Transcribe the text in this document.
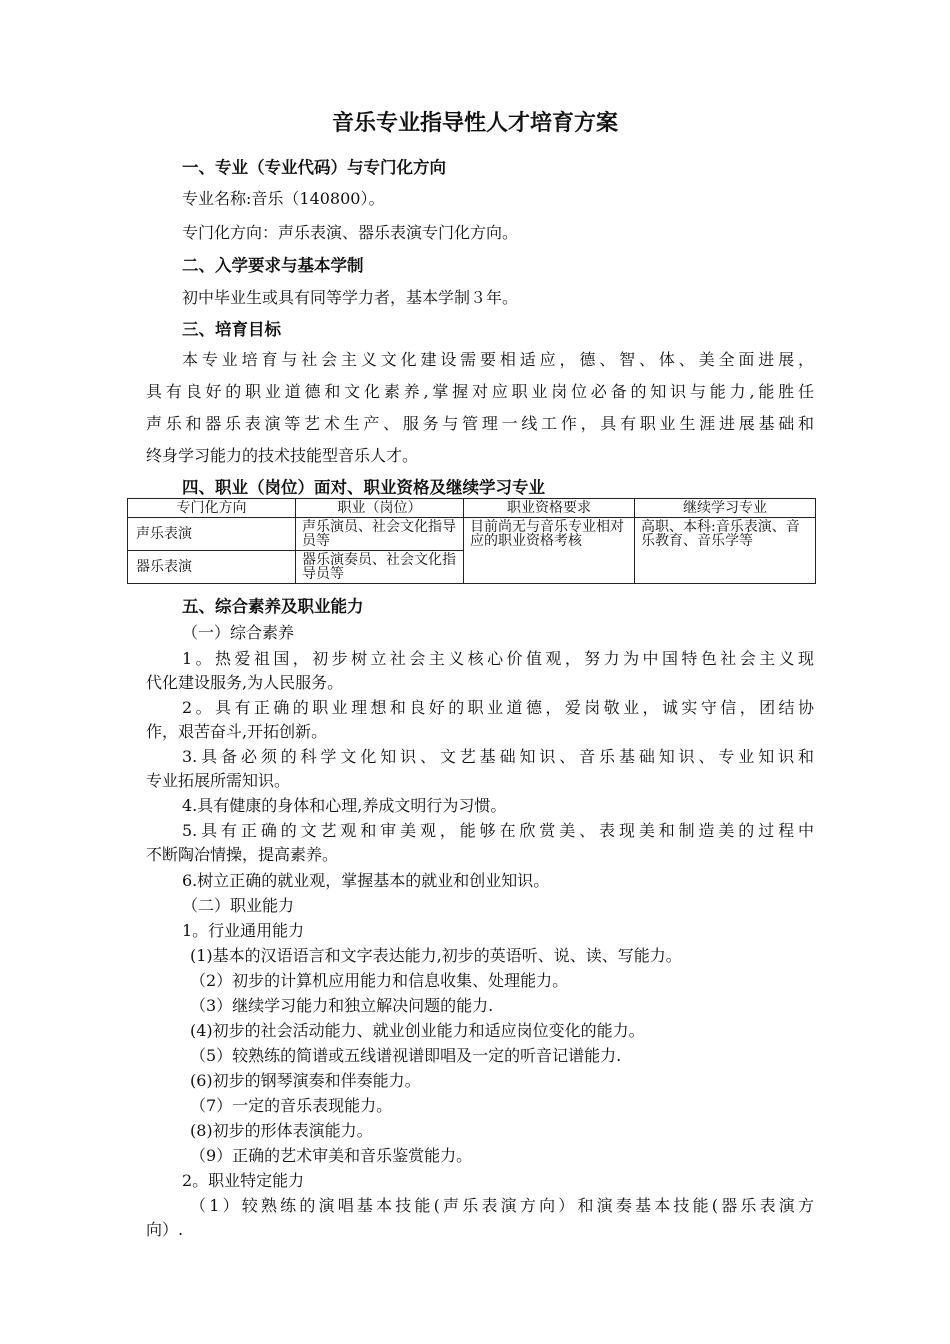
音乐专业指导性人才培育方案

一、专业（专业代码）与专门化方向

专业名称:音乐（140800）。

专门化方向：声乐表演、器乐表演专门化方向。

二、入学要求与基本学制

初中毕业生或具有同等学力者，基本学制３年。

三、培育目标

本专业培育与社会主义文化建设需要相适应，德、智、体、美全面进展，

具有良好的职业道德和文化素养,掌握对应职业岗位必备的知识与能力,能胜任

声乐和器乐表演等艺术生产、服务与管理一线工作，具有职业生涯进展基础和

终身学习能力的技术技能型音乐人才。

四、职业（岗位）面对、职业资格及继续学习专业

专门化方向	职业（岗位）	职业资格要求	继续学习专业
声乐表演	声乐演员、社会文化指导员等	目前尚无与音乐专业相对应的职业资格考核	高职、本科:音乐表演、音乐教育、音乐学等

器乐表演	器乐演奏员、社会文化指导员等		

五、综合素养及职业能力

（一）综合素养

1。热爱祖国，初步树立社会主义核心价值观，努力为中国特色社会主义现

代化建设服务,为人民服务。

2。具有正确的职业理想和良好的职业道德，爱岗敬业，诚实守信，团结协

作，艰苦奋斗,开拓创新。

3.具备必须的科学文化知识、文艺基础知识、音乐基础知识、专业知识和

专业拓展所需知识。

4.具有健康的身体和心理,养成文明行为习惯。

5.具有正确的文艺观和审美观，能够在欣赏美、表现美和制造美的过程中

不断陶冶情操，提高素养。

6.树立正确的就业观，掌握基本的就业和创业知识。

（二）职业能力

1。行业通用能力

(1)基本的汉语语言和文字表达能力,初步的英语听、说、读、写能力。

（2）初步的计算机应用能力和信息收集、处理能力。

（3）继续学习能力和独立解决问题的能力.

(4)初步的社会活动能力、就业创业能力和适应岗位变化的能力。

（5）较熟练的简谱或五线谱视谱即唱及一定的听音记谱能力.

(6)初步的钢琴演奏和伴奏能力。

（7）一定的音乐表现能力。

(8)初步的形体表演能力。

（9）正确的艺术审美和音乐鉴赏能力。

2。职业特定能力

（1）较熟练的演唱基本技能(声乐表演方向）和演奏基本技能(器乐表演方

向）.
